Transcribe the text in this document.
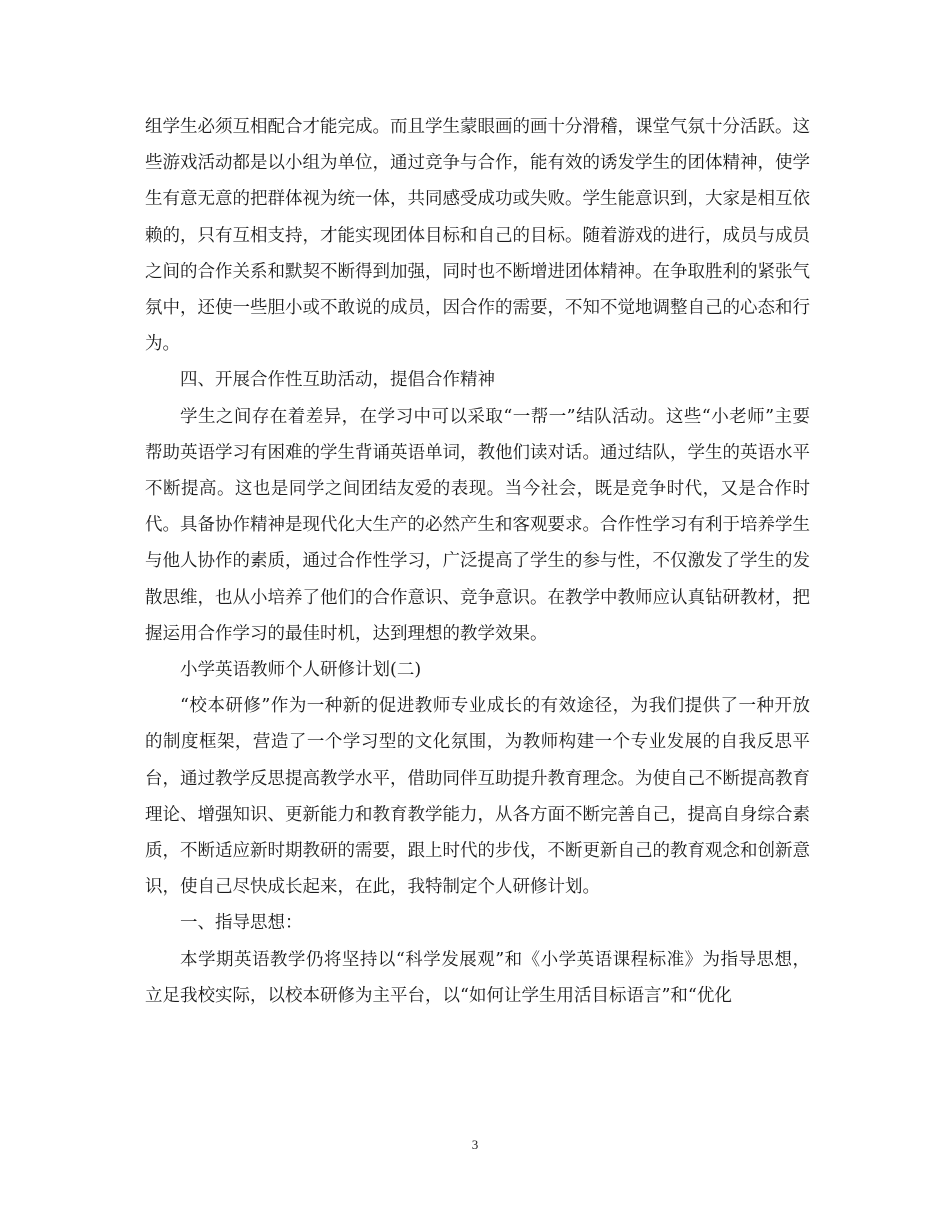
组学生必须互相配合才能完成。而且学生蒙眼画的画十分滑稽，课堂气氛十分活跃。这些游戏活动都是以小组为单位，通过竞争与合作，能有效的诱发学生的团体精神，使学生有意无意的把群体视为统一体，共同感受成功或失败。学生能意识到，大家是相互依赖的，只有互相支持，才能实现团体目标和自己的目标。随着游戏的进行，成员与成员之间的合作关系和默契不断得到加强，同时也不断增进团体精神。在争取胜利的紧张气氛中，还使一些胆小或不敢说的成员，因合作的需要，不知不觉地调整自己的心态和行为。

四、开展合作性互助活动，提倡合作精神

学生之间存在着差异，在学习中可以采取“一帮一”结队活动。这些“小老师”主要帮助英语学习有困难的学生背诵英语单词，教他们读对话。通过结队，学生的英语水平不断提高。这也是同学之间团结友爱的表现。当今社会，既是竞争时代，又是合作时代。具备协作精神是现代化大生产的必然产生和客观要求。合作性学习有利于培养学生与他人协作的素质，通过合作性学习，广泛提高了学生的参与性，不仅激发了学生的发散思维，也从小培养了他们的合作意识、竞争意识。在教学中教师应认真钻研教材，把握运用合作学习的最佳时机，达到理想的教学效果。

小学英语教师个人研修计划(二)

“校本研修”作为一种新的促进教师专业成长的有效途径，为我们提供了一种开放的制度框架，营造了一个学习型的文化氛围，为教师构建一个专业发展的自我反思平台，通过教学反思提高教学水平，借助同伴互助提升教育理念。为使自己不断提高教育理论、增强知识、更新能力和教育教学能力，从各方面不断完善自己，提高自身综合素质，不断适应新时期教研的需要，跟上时代的步伐，不断更新自己的教育观念和创新意识，使自己尽快成长起来，在此，我特制定个人研修计划。

一、指导思想：

本学期英语教学仍将坚持以“科学发展观”和《小学英语课程标准》为指导思想，立足我校实际，以校本研修为主平台，以“如何让学生用活目标语言”和“优化

3
